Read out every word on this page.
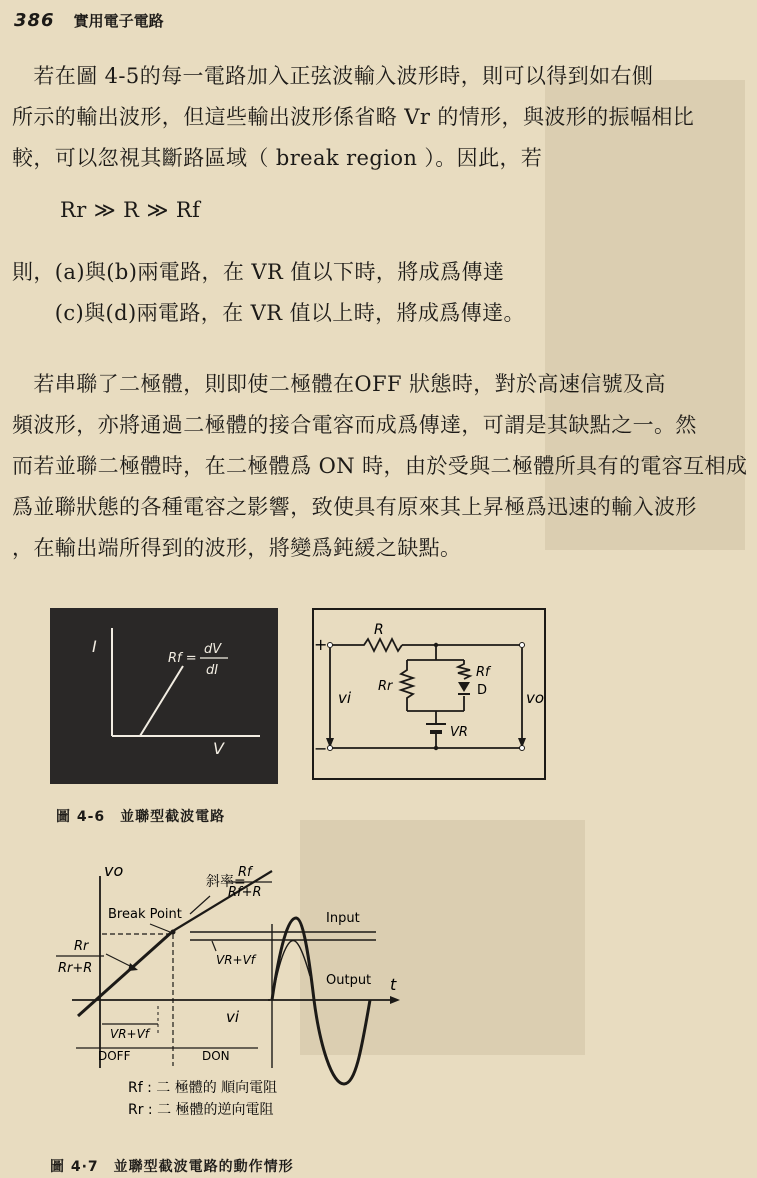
386 實用電子電路

　若在圖 4-5的每一電路加入正弦波輸入波形時，則可以得到如右側

所示的輸出波形，但這些輸出波形係省略 Vr 的情形，與波形的振幅相比

較，可以忽視其斷路區域（ break region ）。因此，若

Rr ≫ R ≫ Rf

則，(a)與(b)兩電路，在 VR 值以下時，將成爲傳達

　　(c)與(d)兩電路，在 VR 值以上時，將成爲傳達。

　若串聯了二極體，則即使二極體在OFF 狀態時，對於高速信號及高

頻波形，亦將通過二極體的接合電容而成爲傳達，可謂是其缺點之一。然

而若並聯二極體時，在二極體爲 ON 時，由於受與二極體所具有的電容互相成

爲並聯狀態的各種電容之影響，致使具有原來其上昇極爲迅速的輸入波形

，在輸出端所得到的波形，將變爲鈍緩之缺點。

I
V
Rf =
dV
dI
+
−
vi	vo
R
Rr
Rf
D
VR
圖 4-6　並聯型截波電路
vo
vi
t
斜率=
Rf
Rf+R
Rr
Rr+R
Break Point
VR+Vf
VR+Vf
DOFF	DON
Input
Output
Rf : 二 極體的 順向電阻
Rr : 二 極體的逆向電阻
圖 4·7　並聯型截波電路的動作情形
